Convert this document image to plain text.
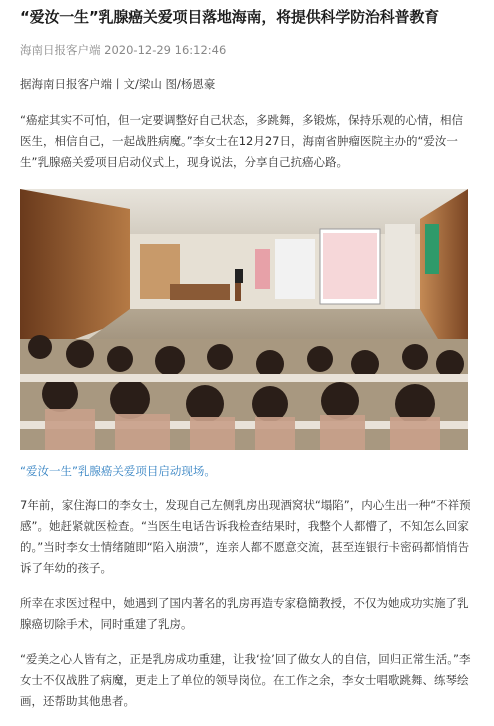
“爱汝一生”乳腺癌关爱项目落地海南，将提供科学防治科普教育
海南日报客户端 2020-12-29 16:12:46
据海南日报客户端丨文/梁山 图/杨恩豪

“癌症其实不可怕，但一定要调整好自己状态，多跳舞，多锻炼，保持乐观的心情，相信医生，相信自己，一起战胜病魔。”李女士在12月27日，海南省肿瘤医院主办的“爱汝一生”乳腺癌关爱项目启动仪式上，现身说法，分享自己抗癌心路。

“爱汝一生”乳腺癌关爱项目启动现场。

7年前，家住海口的李女士，发现自己左侧乳房出现酒窝状“塌陷”，内心生出一种“不祥预感”。她赶紧就医检查。“当医生电话告诉我检查结果时，我整个人都懵了，不知怎么回家的。”当时李女士情绪随即“陷入崩溃”，连亲人都不愿意交流，甚至连银行卡密码都悄悄告诉了年幼的孩子。

所幸在求医过程中，她遇到了国内著名的乳房再造专家稳簡教授，不仅为她成功实施了乳腺癌切除手术，同时重建了乳房。

“爱美之心人皆有之，正是乳房成功重建，让我‘捡’回了做女人的自信，回归正常生活。”李女士不仅战胜了病魔，更走上了单位的领导岗位。在工作之余，李女士唱歌跳舞、练琴绘画，还帮助其他患者。
